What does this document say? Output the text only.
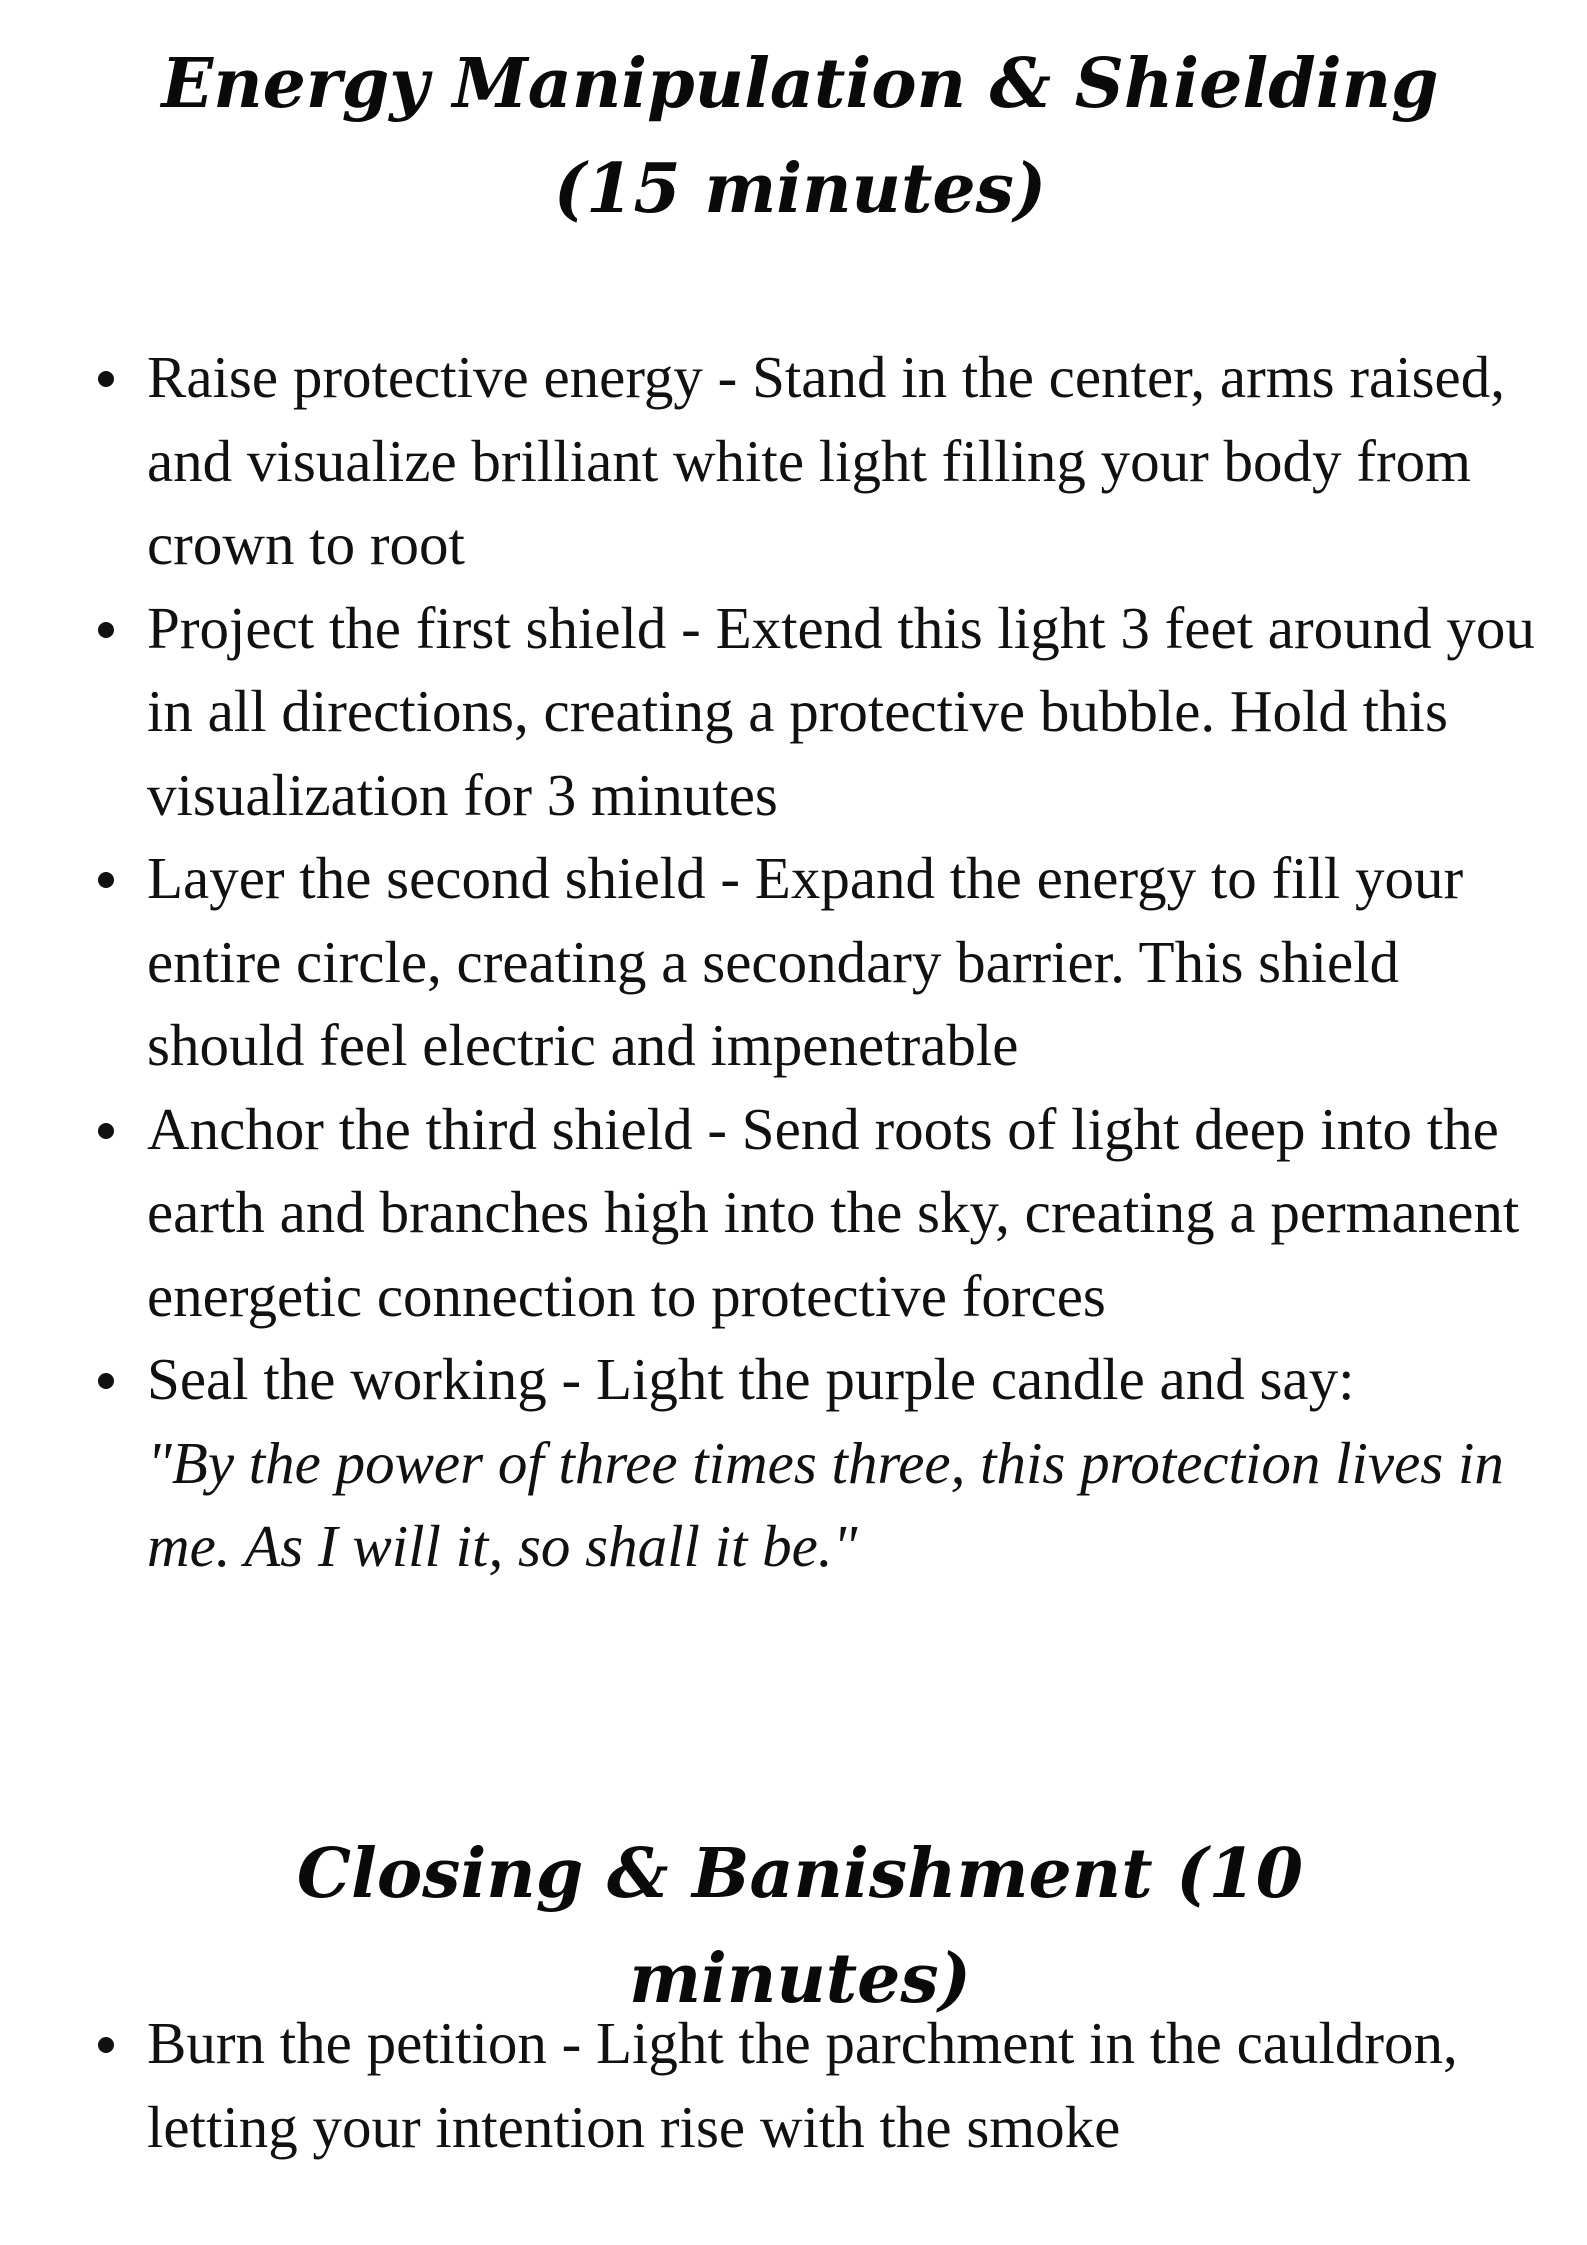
Energy Manipulation & Shielding (15 minutes)
Raise protective energy - Stand in the center, arms raised, and visualize brilliant white light filling your body from crown to root
Project the first shield - Extend this light 3 feet around you in all directions, creating a protective bubble. Hold this visualization for 3 minutes
Layer the second shield - Expand the energy to fill your entire circle, creating a secondary barrier. This shield should feel electric and impenetrable
Anchor the third shield - Send roots of light deep into the earth and branches high into the sky, creating a permanent energetic connection to protective forces
Seal the working - Light the purple candle and say:
"By the power of three times three, this protection lives in me. As I will it, so shall it be."
Closing & Banishment (10 minutes)
Burn the petition - Light the parchment in the cauldron, letting your intention rise with the smoke
